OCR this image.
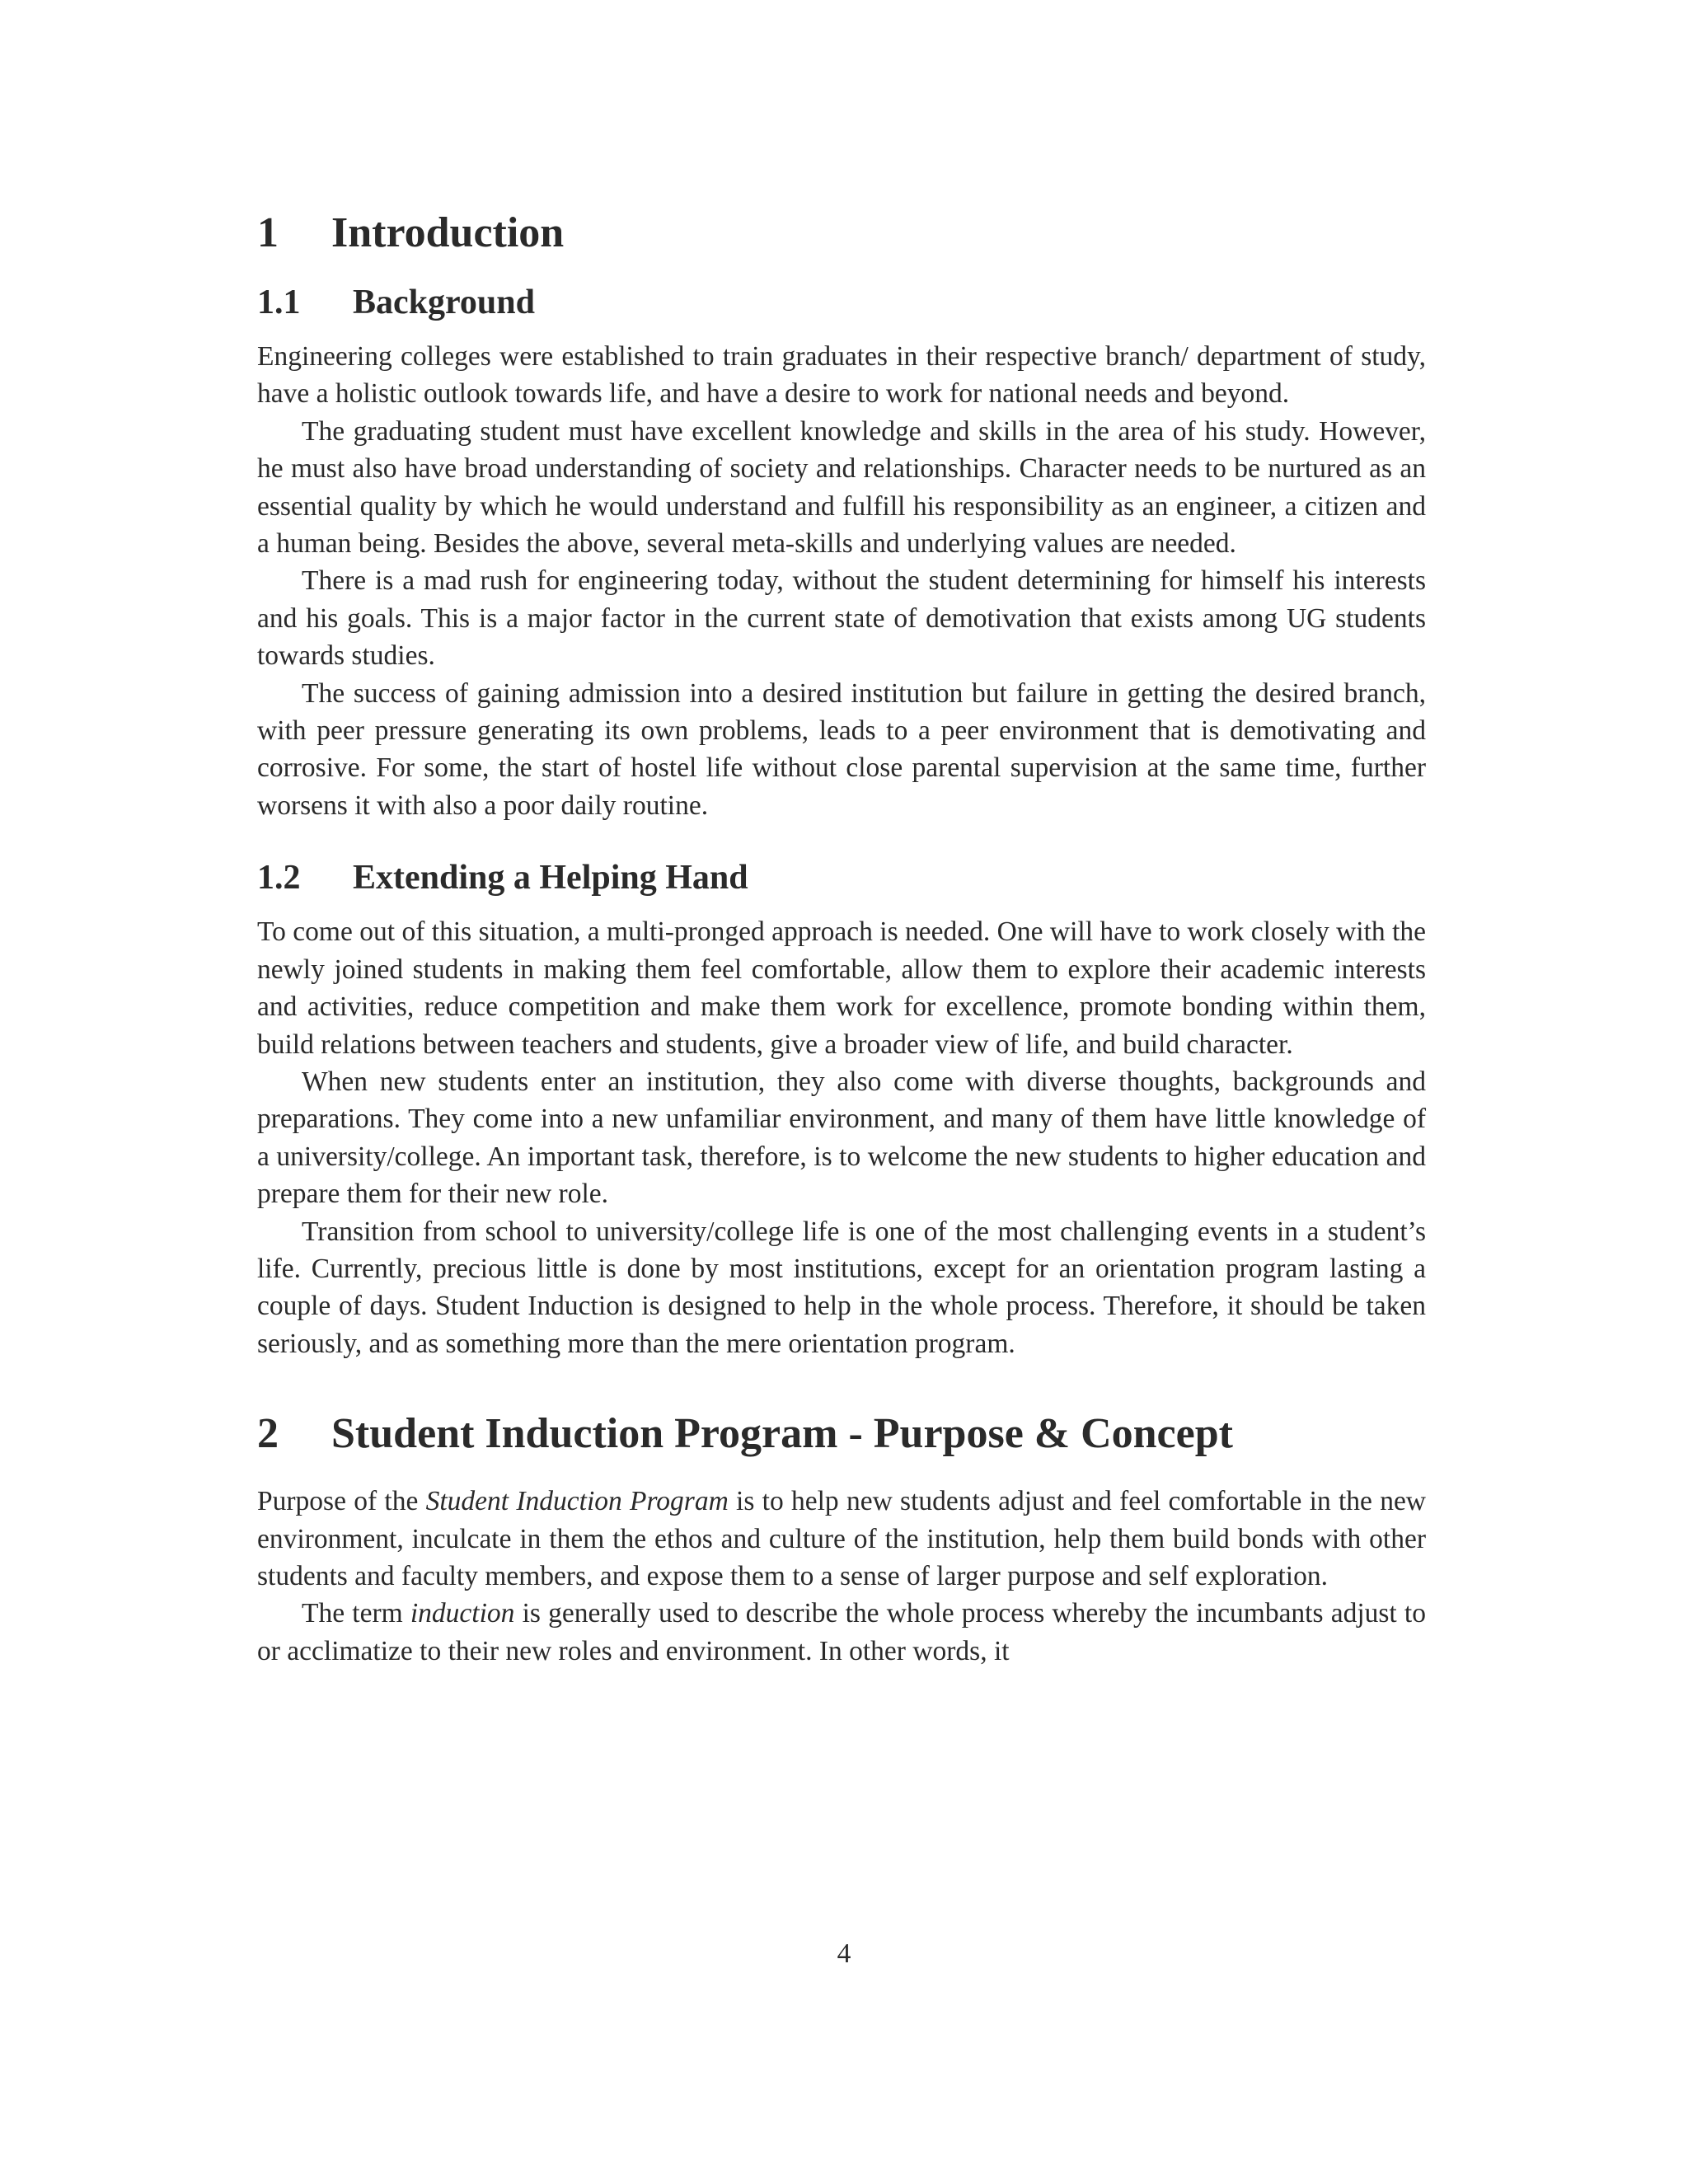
1 Introduction
1.1 Background

Engineering colleges were established to train graduates in their respective branch/ department of study, have a holistic outlook towards life, and have a desire to work for national needs and beyond.

The graduating student must have excellent knowledge and skills in the area of his study. However, he must also have broad understanding of society and relationships. Character needs to be nurtured as an essential quality by which he would understand and fulfill his responsibility as an engineer, a citizen and a human being. Besides the above, several meta-skills and underlying values are needed.

There is a mad rush for engineering today, without the student determining for himself his interests and his goals. This is a major factor in the current state of demotivation that exists among UG students towards studies.

The success of gaining admission into a desired institution but failure in getting the desired branch, with peer pressure generating its own problems, leads to a peer environment that is demotivating and corrosive. For some, the start of hostel life without close parental supervision at the same time, further worsens it with also a poor daily routine.

1.2 Extending a Helping Hand

To come out of this situation, a multi-pronged approach is needed. One will have to work closely with the newly joined students in making them feel comfortable, allow them to explore their academic interests and activities, reduce competition and make them work for excellence, promote bonding within them, build relations between teachers and students, give a broader view of life, and build character.

When new students enter an institution, they also come with diverse thoughts, backgrounds and preparations. They come into a new unfamiliar environment, and many of them have little knowledge of a university/college. An important task, therefore, is to welcome the new students to higher education and prepare them for their new role.

Transition from school to university/college life is one of the most challenging events in a student’s life. Currently, precious little is done by most institutions, except for an orientation program lasting a couple of days. Student Induction is designed to help in the whole process. Therefore, it should be taken seriously, and as something more than the mere orientation program.

2 Student Induction Program - Purpose & Concept

Purpose of the Student Induction Program is to help new students adjust and feel comfortable in the new environment, inculcate in them the ethos and culture of the institution, help them build bonds with other students and faculty members, and expose them to a sense of larger purpose and self exploration.

The term induction is generally used to describe the whole process whereby the incumbants adjust to or acclimatize to their new roles and environment. In other words, it

4
